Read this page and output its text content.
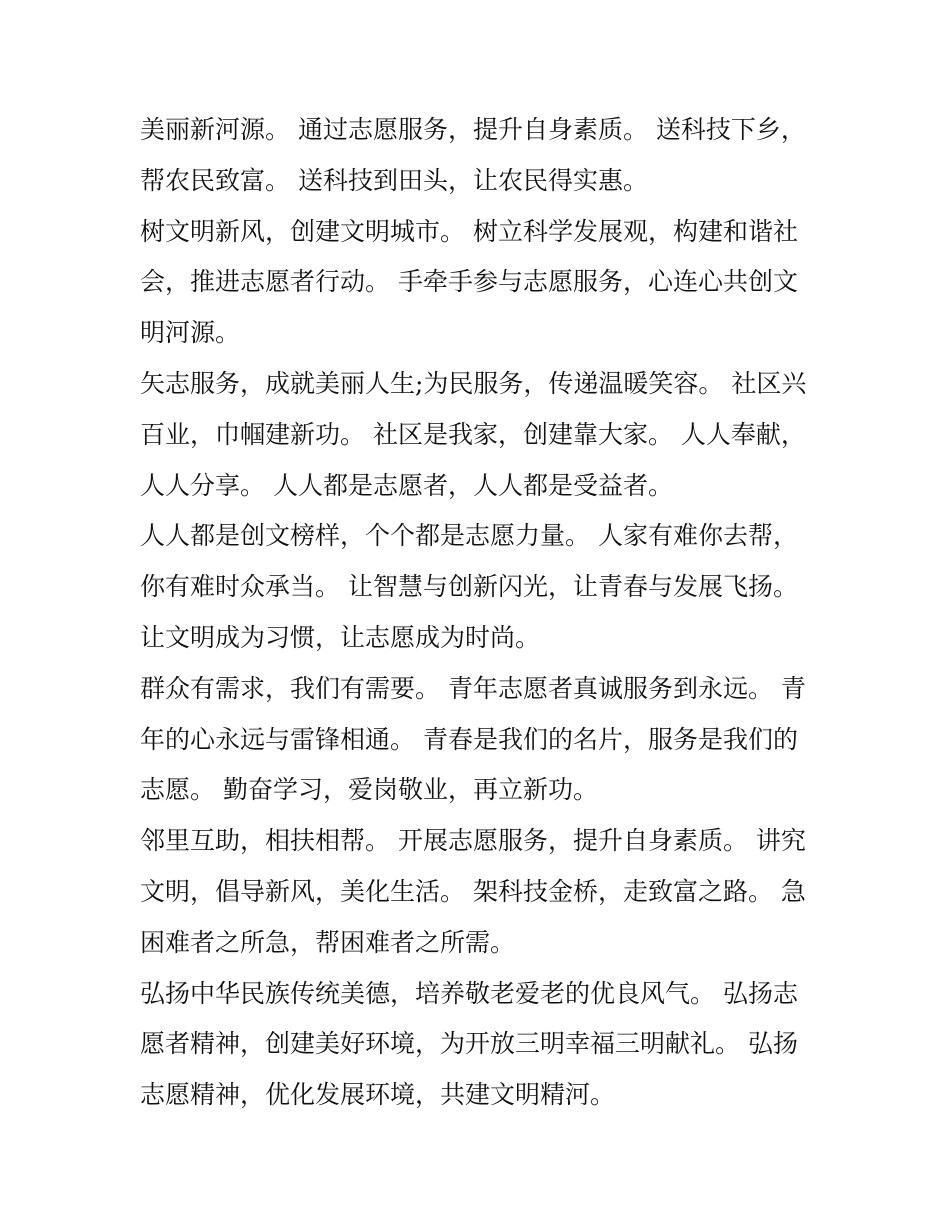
美丽新河源。 通过志愿服务，提升自身素质。 送科技下乡，
帮农民致富。 送科技到田头，让农民得实惠。

树文明新风，创建文明城市。 树立科学发展观，构建和谐社
会，推进志愿者行动。 手牵手参与志愿服务，心连心共创文
明河源。

矢志服务，成就美丽人生;为民服务，传递温暖笑容。 社区兴
百业，巾帼建新功。 社区是我家，创建靠大家。 人人奉献，
人人分享。 人人都是志愿者，人人都是受益者。

人人都是创文榜样，个个都是志愿力量。 人家有难你去帮，
你有难时众承当。 让智慧与创新闪光，让青春与发展飞扬。
让文明成为习惯，让志愿成为时尚。

群众有需求，我们有需要。 青年志愿者真诚服务到永远。 青
年的心永远与雷锋相通。 青春是我们的名片，服务是我们的
志愿。 勤奋学习，爱岗敬业，再立新功。

邻里互助，相扶相帮。 开展志愿服务，提升自身素质。 讲究
文明，倡导新风，美化生活。 架科技金桥，走致富之路。 急
困难者之所急，帮困难者之所需。

弘扬中华民族传统美德，培养敬老爱老的优良风气。 弘扬志
愿者精神，创建美好环境，为开放三明幸福三明献礼。 弘扬
志愿精神，优化发展环境，共建文明精河。
